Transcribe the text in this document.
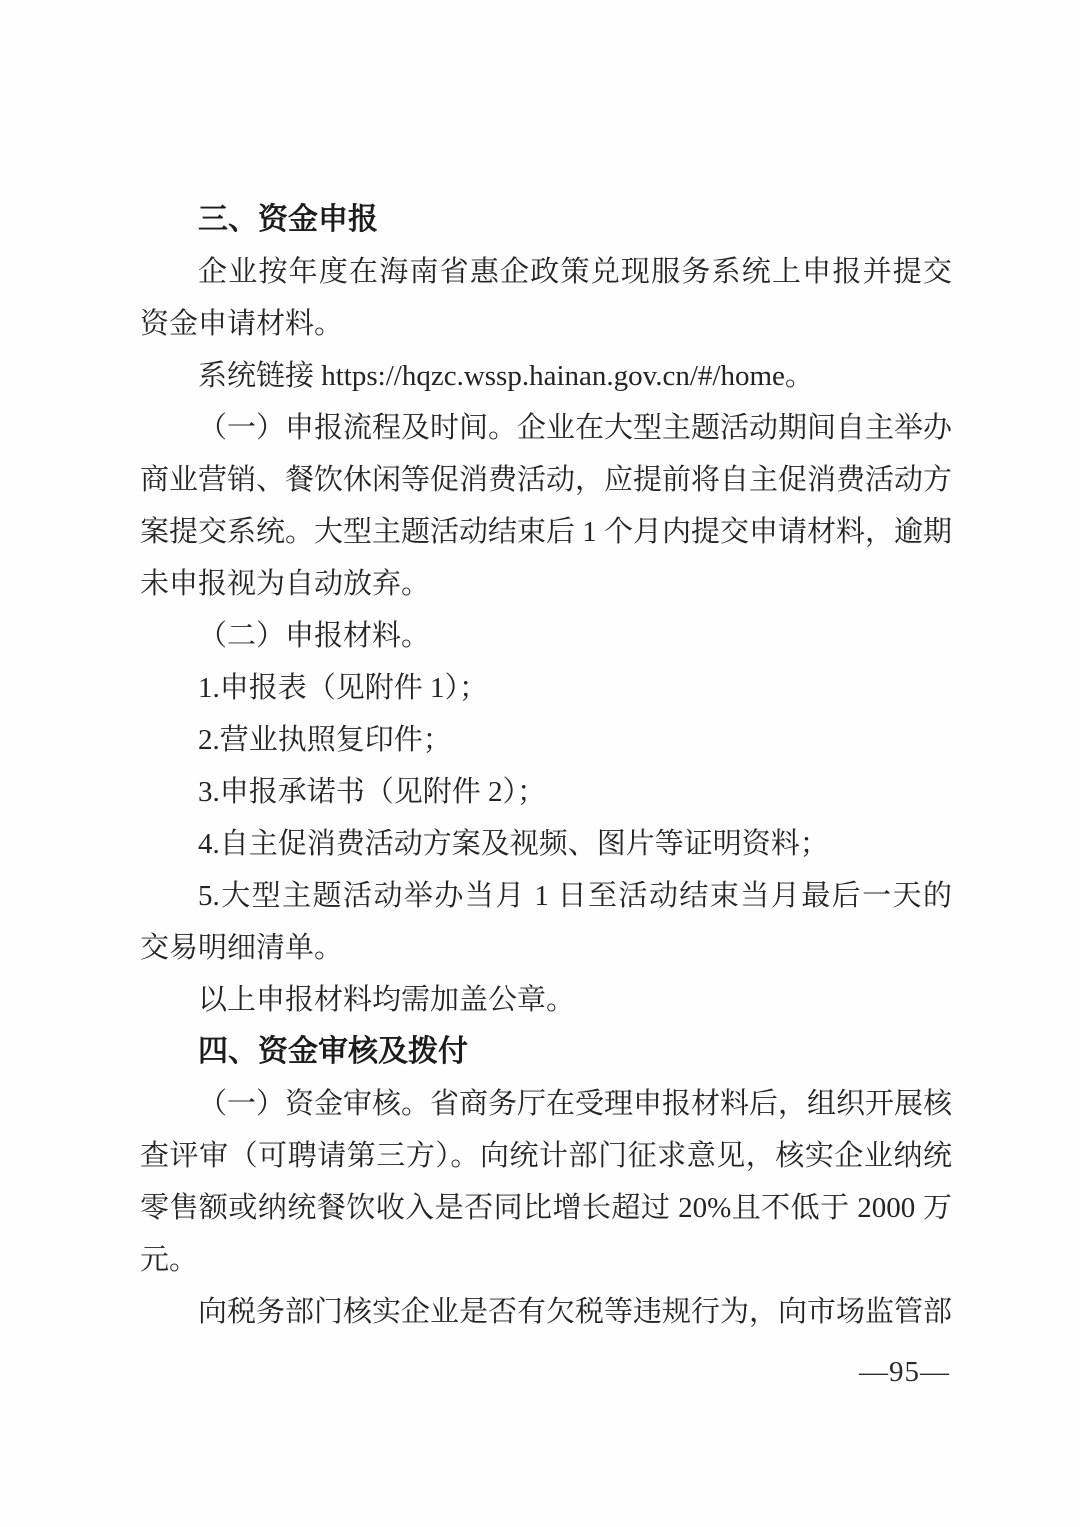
三、资金申报
企业按年度在海南省惠企政策兑现服务系统上申报并提交
资金申请材料。
系统链接 https://hqzc.wssp.hainan.gov.cn/#/home。
（一）申报流程及时间。企业在大型主题活动期间自主举办
商业营销、餐饮休闲等促消费活动，应提前将自主促消费活动方
案提交系统。大型主题活动结束后 1 个月内提交申请材料，逾期
未申报视为自动放弃。
（二）申报材料。
1.申报表（见附件 1）；
2.营业执照复印件；
3.申报承诺书（见附件 2）；
4.自主促消费活动方案及视频、图片等证明资料；
5.大型主题活动举办当月 1 日至活动结束当月最后一天的
交易明细清单。
以上申报材料均需加盖公章。
四、资金审核及拨付
（一）资金审核。省商务厅在受理申报材料后，组织开展核
查评审（可聘请第三方）。向统计部门征求意见，核实企业纳统
零售额或纳统餐饮收入是否同比增长超过 20%且不低于 2000 万
元。
向税务部门核实企业是否有欠税等违规行为，向市场监管部
—95—
